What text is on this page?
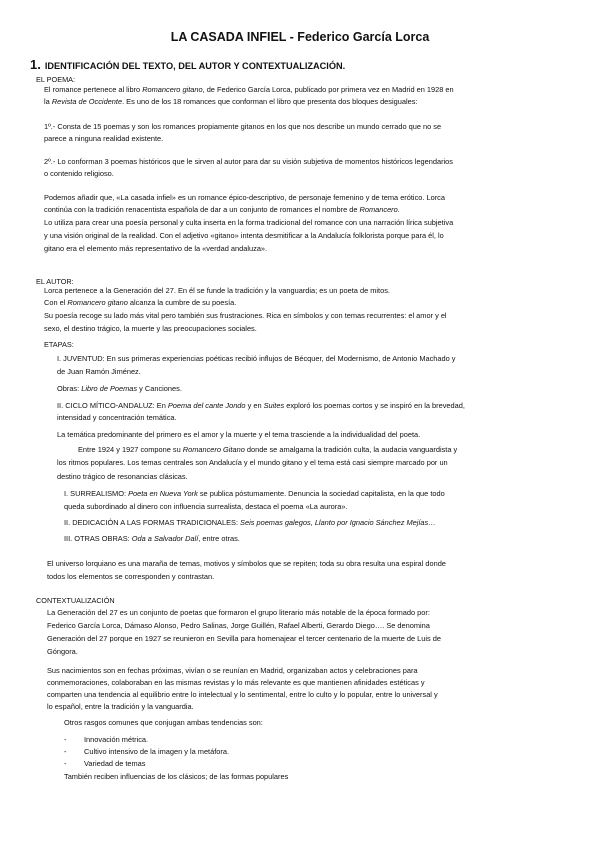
LA CASADA INFIEL - Federico García Lorca
1. IDENTIFICACIÓN DEL TEXTO, DEL AUTOR Y CONTEXTUALIZACIÓN.
EL POEMA:
El romance pertenece al libro Romancero gitano, de Federico García Lorca, publicado por primera vez en Madrid en 1928 en
la Revista de Occidente. Es uno de los 18 romances que conforman el libro que presenta dos bloques desiguales:
1º.- Consta de 15 poemas y son los romances propiamente gitanos en los que nos describe un mundo cerrado que no se
parece a ninguna realidad existente.
2º.- Lo conforman 3 poemas históricos que le sirven al autor para dar su visión subjetiva de momentos históricos legendarios
o contenido religioso.
Podemos añadir que, «La casada infiel» es un romance épico-descriptivo, de personaje femenino y de tema erótico. Lorca
continúa con la tradición renacentista española de dar a un conjunto de romances el nombre de Romancero.
Lo utiliza para crear una poesía personal y culta inserta en la forma tradicional del romance con una narración lírica subjetiva
y una visión original de la realidad. Con el adjetivo «gitano» intenta desmitificar a la Andalucía folklorista porque para él, lo
gitano era el elemento más representativo de la «verdad andaluza».
EL AUTOR:
Lorca pertenece a la Generación del 27. En él se funde la tradición y la vanguardia; es un poeta de mitos.
Con el Romancero gitano alcanza la cumbre de su poesía.
Su poesía recoge su lado más vital pero también sus frustraciones. Rica en símbolos y con temas recurrentes: el amor y el
sexo, el destino trágico, la muerte y las preocupaciones sociales.
ETAPAS:
I. JUVENTUD: En sus primeras experiencias poéticas recibió influjos de Bécquer, del Modernismo, de Antonio Machado y
de Juan Ramón Jiménez.
Obras: Libro de Poemas y Canciones.
II. CICLO MÍTICO-ANDALUZ: En Poema del cante Jondo y en Suites exploró los poemas cortos y se inspiró en la brevedad,
intensidad y concentración temática.
La temática predominante del primero es el amor y la muerte y el tema trasciende a la individualidad del poeta.
Entre 1924 y 1927 compone su Romancero Gitano donde se amalgama la tradición culta, la audacia vanguardista y
los ritmos populares. Los temas centrales son Andalucía y el mundo gitano y el tema está casi siempre marcado por un
destino trágico de resonancias clásicas.
I. SURREALISMO: Poeta en Nueva York se publica póstumamente. Denuncia la sociedad capitalista, en la que todo
queda subordinado al dinero con influencia surrealista, destaca el poema «La aurora».
II. DEDICACIÓN A LAS FORMAS TRADICIONALES: Seis poemas galegos, Llanto por Ignacio Sánchez Mejías…
III. OTRAS OBRAS: Oda a Salvador Dalí, entre otras.
El universo lorquiano es una maraña de temas, motivos y símbolos que se repiten; toda su obra resulta una espiral donde
todos los elementos se corresponden y contrastan.
CONTEXTUALIZACIÓN
La Generación del 27 es un conjunto de poetas que formaron el grupo literario más notable de la época formado por:
Federico García Lorca, Dámaso Alonso, Pedro Salinas, Jorge Guillén, Rafael Alberti, Gerardo Diego…. Se denomina
Generación del 27 porque en 1927 se reunieron en Sevilla para homenajear el tercer centenario de la muerte de Luis de
Góngora.
Sus nacimientos son en fechas próximas, vivían o se reunían en Madrid, organizaban actos y celebraciones para
conmemoraciones, colaboraban en las mismas revistas y lo más relevante es que mantienen afinidades estéticas y
comparten una tendencia al equilibrio entre lo intelectual y lo sentimental, entre lo culto y lo popular, entre lo universal y
lo español, entre la tradición y la vanguardia.
Otros rasgos comunes que conjugan ambas tendencias son:
- Innovación métrica.
- Cultivo intensivo de la imagen y la metáfora.
- Variedad de temas
También reciben influencias de los clásicos; de las formas populares
